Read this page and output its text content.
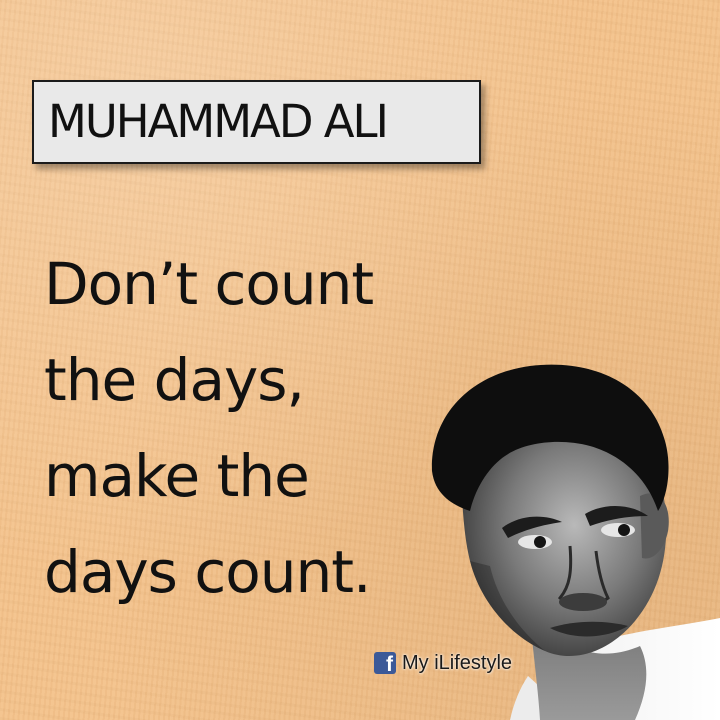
MUHAMMAD ALI

Don’t count
the days,
make the
days count.

f My iLifestyle
